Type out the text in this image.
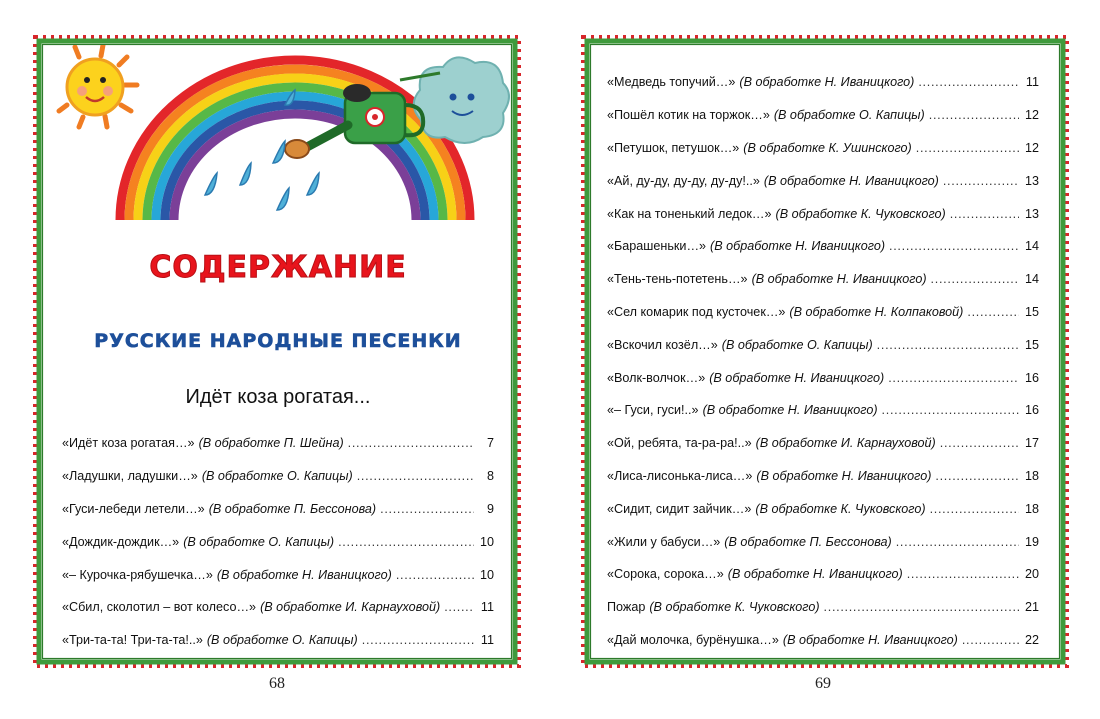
СОДЕРЖАНИЕ
РУССКИЕ НАРОДНЫЕ ПЕСЕНКИ
Идёт коза рогатая...
«Идёт коза рогатая…» (В обработке П. Шейна) . . .	7
«Ладушки, ладушки…» (В обработке О. Капицы) . . .	8
«Гуси-лебеди летели…» (В обработке П. Бессонова) . . .	9
«Дождик-дождик…» (В обработке О. Капицы) . . .	10
«– Курочка-рябушечка…» (В обработке Н. Иваницкого) . . .	10
«Сбил, сколотил – вот колесо…» (В обработке И. Карнауховой) . . .	11
«Три-та-та! Три-та-та!..» (В обработке О. Капицы) . . .	11
«Медведь топучий…» (В обработке Н. Иваницкого) . . .	11
«Пошёл котик на торжок…» (В обработке О. Капицы) . . .	12
«Петушок, петушок…» (В обработке К. Ушинского) . . .	12
«Ай, ду-ду, ду-ду, ду-ду!..» (В обработке Н. Иваницкого) . . .	13
«Как на тоненький ледок…» (В обработке К. Чуковского) . . .	13
«Барашеньки…» (В обработке Н. Иваницкого) . . .	14
«Тень-тень-потетень…» (В обработке Н. Иваницкого) . . .	14
«Сел комарик под кусточек…» (В обработке Н. Колпаковой) . . .	15
«Вскочил козёл…» (В обработке О. Капицы) . . .	15
«Волк-волчок…» (В обработке Н. Иваницкого) . . .	16
«– Гуси, гуси!..» (В обработке Н. Иваницкого) . . .	16
«Ой, ребята, та-ра-ра!..» (В обработке И. Карнауховой) . . .	17
«Лиса-лисонька-лиса…» (В обработке Н. Иваницкого) . . .	18
«Сидит, сидит зайчик…» (В обработке К. Чуковского) . . .	18
«Жили у бабуси…» (В обработке П. Бессонова) . . .	19
«Сорока, сорока…» (В обработке Н. Иваницкого) . . .	20
Пожар (В обработке К. Чуковского) . . .	21
«Дай молочка, бурёнушка…» (В обработке Н. Иваницкого) . . .	22
68	69
